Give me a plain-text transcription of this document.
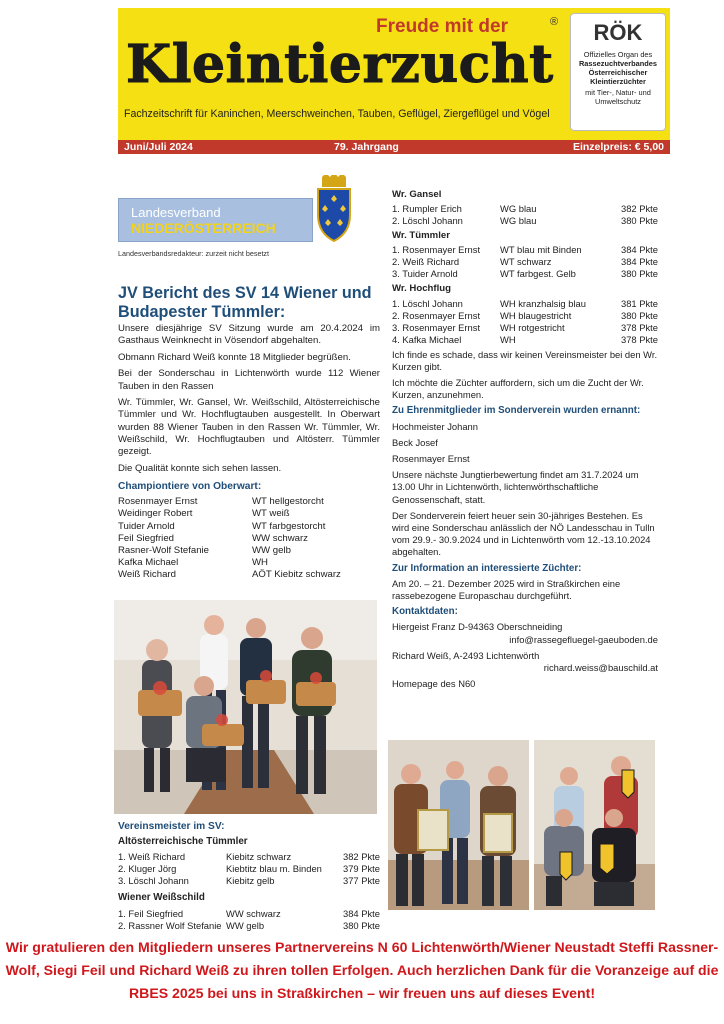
Freude mit der	®
Kleintierzucht
Fachzeitschrift für Kaninchen, Meerschweinchen, Tauben, Geflügel, Ziergeflügel und Vögel
RÖK
Offizielles Organ des
Rassezuchtverbandes Österreichischer Kleintierzüchter
mit Tier-, Natur- und Umweltschutz
Juni/Juli 2024	79. Jahrgang	Einzelpreis: € 5,00
Landesverband
NIEDERÖSTERREICH
Landesverbandsredakteur: zurzeit nicht besetzt
JV Bericht des SV 14 Wiener und Budapester Tümmler:

Unsere diesjährige SV Sitzung wurde am 20.4.2024 im Gasthaus Weinknecht in Vösendorf abgehalten.

Obmann Richard Weiß konnte 18 Mitglieder begrüßen.

Bei der Sonderschau in Lichtenwörth wurde 112 Wiener Tauben in den Rassen

Wr. Tümmler, Wr. Gansel, Wr. Weißschild, Altösterreichische Tümmler und Wr. Hochflugtauben ausgestellt. In Oberwart wurden 88 Wiener Tauben in den Rassen Wr. Tümmler, Wr. Weißschild, Wr. Hochflugtauben und Altösterr. Tümmler gezeigt.

Die Qualität konnte sich sehen lassen.

Championtiere von Oberwart:
Rosenmayer Ernst	WT hellgestorcht
Weidinger Robert	WT weiß
Tuider Arnold	WT farbgestorcht
Feil Siegfried	WW schwarz
Rasner-Wolf Stefanie	WW gelb
Kafka Michael	WH
Weiß Richard	AÖT Kiebitz schwarz
Vereinsmeister im SV:
Altösterreichische Tümmler
1. Weiß Richard	Kiebitz schwarz	382 Pkte
2. Kluger Jörg	Kiebtitz blau m. Binden	379 Pkte
3. Löschl Johann	Kiebitz gelb	377 Pkte
Wiener Weißschild
1. Feil Siegfried	WW schwarz	384 Pkte
2. Rassner Wolf Stefanie	WW gelb	380 Pkte
Wr. Gansel
1. Rumpler Erich	WG blau	382 Pkte
2. Löschl Johann	WG blau	380 Pkte
Wr. Tümmler
1. Rosenmayer Ernst	WT blau mit Binden	384 Pkte
2. Weiß Richard	WT schwarz	384 Pkte
3. Tuider Arnold	WT farbgest. Gelb	380 Pkte
Wr. Hochflug
1. Löschl Johann	WH kranzhalsig blau	381 Pkte
2. Rosenmayer Ernst	WH blaugestricht	380 Pkte
3. Rosenmayer Ernst	WH rotgestricht	378 Pkte
4. Kafka Michael	WH	378 Pkte

Ich finde es schade, dass wir keinen Vereinsmeister bei den Wr. Kurzen gibt.

Ich möchte die Züchter auffordern, sich um die Zucht der Wr. Kurzen, anzunehmen.

Zu Ehrenmitglieder im Sonderverein wurden ernannt:

Hochmeister Johann

Beck Josef

Rosenmayer Ernst

Unsere nächste Jungtierbewertung findet am 31.7.2024 um 13.00 Uhr in Lichtenwörth, lichtenwörthschaftliche Genossenschaft, statt.

Der Sonderverein feiert heuer sein 30-jähriges Bestehen. Es wird eine Sonderschau anlässlich der NÖ Landesschau in Tulln vom 29.9.- 30.9.2024 und in Lichtenwörth vom 12.-13.10.2024 abgehalten.

Zur Information an interessierte Züchter:

Am 20. – 21. Dezember 2025 wird in Straßkirchen eine rassebezogene Europaschau durchgeführt.

Kontaktdaten:

Hiergeist Franz D-94363 Oberschneiding

info@rassegefluegel-gaeuboden.de

Richard Weiß, A-2493 Lichtenwörth

richard.weiss@bauschild.at

Homepage des N60

Wir gratulieren den Mitgliedern unseres Partnervereins N 60 Lichtenwörth/Wiener Neustadt Steffi Rassner-Wolf, Siegi Feil und Richard Weiß zu ihren tollen Erfolgen. Auch herzlichen Dank für die Voranzeige auf die RBES 2025 bei uns in Straßkirchen – wir freuen uns auf dieses Event!
